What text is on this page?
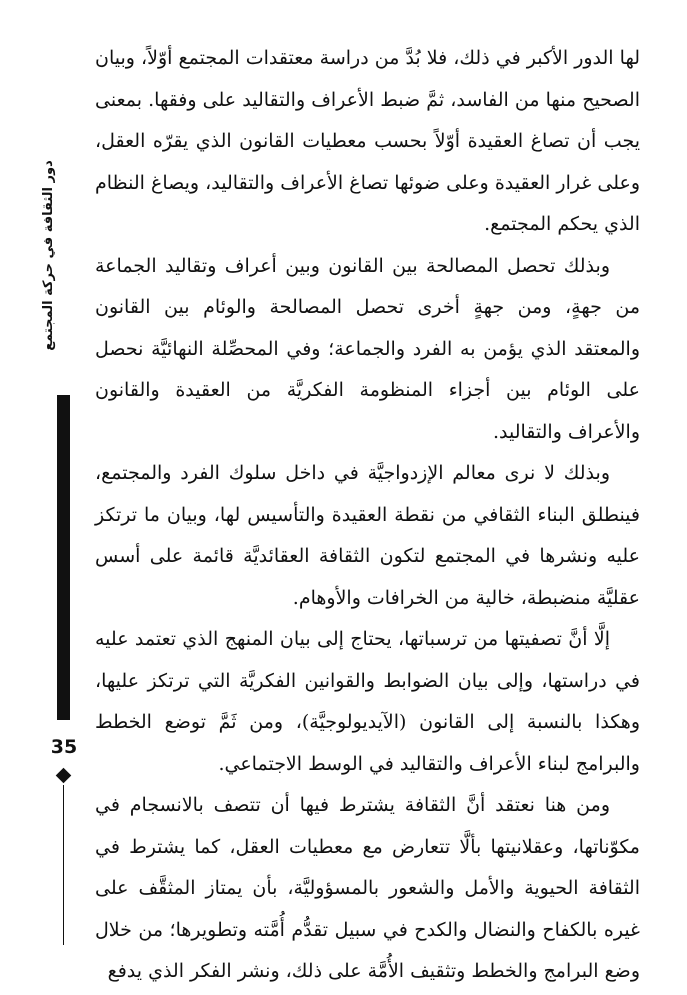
دور الثقافة في حركة المجتمع
35

لها الدور الأكبر في ذلك، فلا بُدَّ من دراسة معتقدات المجتمع أوّلاً، وبيان الصحيح منها من الفاسد، ثمَّ ضبط الأعراف والتقاليد على وفقها. بمعنى يجب أن تصاغ العقيدة أوّلاً بحسب معطيات القانون الذي يقرّه العقل، وعلى غرار العقيدة وعلى ضوئها تصاغ الأعراف والتقاليد، ويصاغ النظام الذي يحكم المجتمع.

وبذلك تحصل المصالحة بين القانون وبين أعراف وتقاليد الجماعة من جهةٍ، ومن جهةٍ أخرى تحصل المصالحة والوئام بين القانون والمعتقد الذي يؤمن به الفرد والجماعة؛ وفي المحصِّلة النهائيَّة نحصل على الوئام بين أجزاء المنظومة الفكريَّة من العقيدة والقانون والأعراف والتقاليد.

وبذلك لا نرى معالم الإزدواجيَّة في داخل سلوك الفرد والمجتمع، فينطلق البناء الثقافي من نقطة العقيدة والتأسيس لها، وبيان ما ترتكز عليه ونشرها في المجتمع لتكون الثقافة العقائديَّة قائمة على أسس عقليَّة منضبطة، خالية من الخرافات والأوهام.

إلَّا أنَّ تصفيتها من ترسباتها، يحتاج إلى بيان المنهج الذي تعتمد عليه في دراستها، وإلى بيان الضوابط والقوانين الفكريَّة التي ترتكز عليها، وهكذا بالنسبة إلى القانون (الآيديولوجيَّة)، ومن ثَمَّ توضع الخطط والبرامج لبناء الأعراف والتقاليد في الوسط الاجتماعي.

ومن هنا نعتقد أنَّ الثقافة يشترط فيها أن تتصف بالانسجام في مكوّناتها، وعقلانيتها بألَّا تتعارض مع معطيات العقل، كما يشترط في الثقافة الحيوية والأمل والشعور بالمسؤوليَّة، بأن يمتاز المثقَّف على غيره بالكفاح والنضال والكدح في سبيل تقدُّم أُمَّته وتطويرها؛ من خلال وضع البرامج والخطط وتثقيف الأُمَّة على ذلك، ونشر الفكر الذي يدفع
